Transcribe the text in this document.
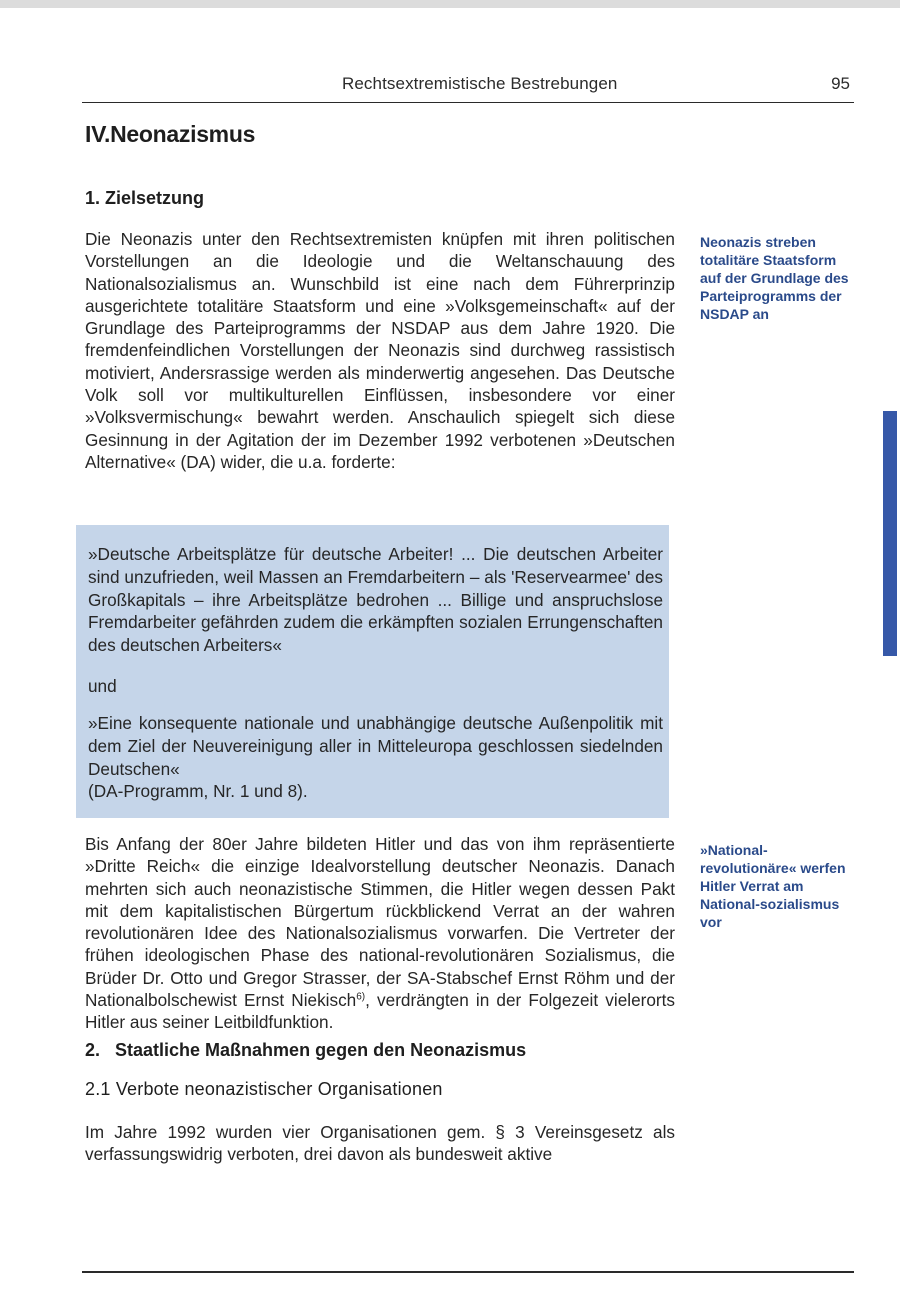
Rechtsextremistische Bestrebungen	95
IV.Neonazismus
1. Zielsetzung

Die Neonazis unter den Rechtsextremisten knüpfen mit ihren politischen Vorstellungen an die Ideologie und die Weltanschauung des Nationalsozialismus an. Wunschbild ist eine nach dem Führerprinzip ausgerichtete totalitäre Staatsform und eine »Volksgemeinschaft« auf der Grundlage des Parteiprogramms der NSDAP aus dem Jahre 1920. Die fremdenfeindlichen Vorstellungen der Neonazis sind durchweg rassistisch motiviert, Andersrassige werden als minderwertig angesehen. Das Deutsche Volk soll vor multikulturellen Einflüssen, insbesondere vor einer »Volksvermischung« bewahrt werden. Anschaulich spiegelt sich diese Gesinnung in der Agitation der im Dezember 1992 verbotenen »Deutschen Alternative« (DA) wider, die u.a. forderte:

Neonazis streben totalitäre Staatsform auf der Grundlage des Parteiprogramms der NSDAP an

»Deutsche Arbeitsplätze für deutsche Arbeiter! ... Die deutschen Arbeiter sind unzufrieden, weil Massen an Fremdarbeitern – als 'Reservearmee' des Großkapitals – ihre Arbeitsplätze bedrohen ... Billige und anspruchslose Fremdarbeiter gefährden zudem die erkämpften sozialen Errungenschaften des deutschen Arbeiters«

und

»Eine konsequente nationale und unabhängige deutsche Außenpolitik mit dem Ziel der Neuvereinigung aller in Mitteleuropa geschlossen siedelnden Deutschen«
(DA-Programm, Nr. 1 und 8).

Bis Anfang der 80er Jahre bildeten Hitler und das von ihm repräsentierte »Dritte Reich« die einzige Idealvorstellung deutscher Neonazis. Danach mehrten sich auch neonazistische Stimmen, die Hitler wegen dessen Pakt mit dem kapitalistischen Bürgertum rückblickend Verrat an der wahren revolutionären Idee des Nationalsozialismus vorwarfen. Die Vertreter der frühen ideologischen Phase des national-revolutionären Sozialismus, die Brüder Dr. Otto und Gregor Strasser, der SA-Stabschef Ernst Röhm und der Nationalbolschewist Ernst Niekisch$^{6)}$, verdrängten in der Folgezeit vielerorts Hitler aus seiner Leitbildfunktion.

»National-revolutionäre« werfen Hitler Verrat am National-sozialismus vor

2.   Staatliche Maßnahmen gegen den Neonazismus
2.1 Verbote neonazistischer Organisationen

Im Jahre 1992 wurden vier Organisationen gem. § 3 Vereinsgesetz als verfassungswidrig verboten, drei davon als bundesweit aktive
